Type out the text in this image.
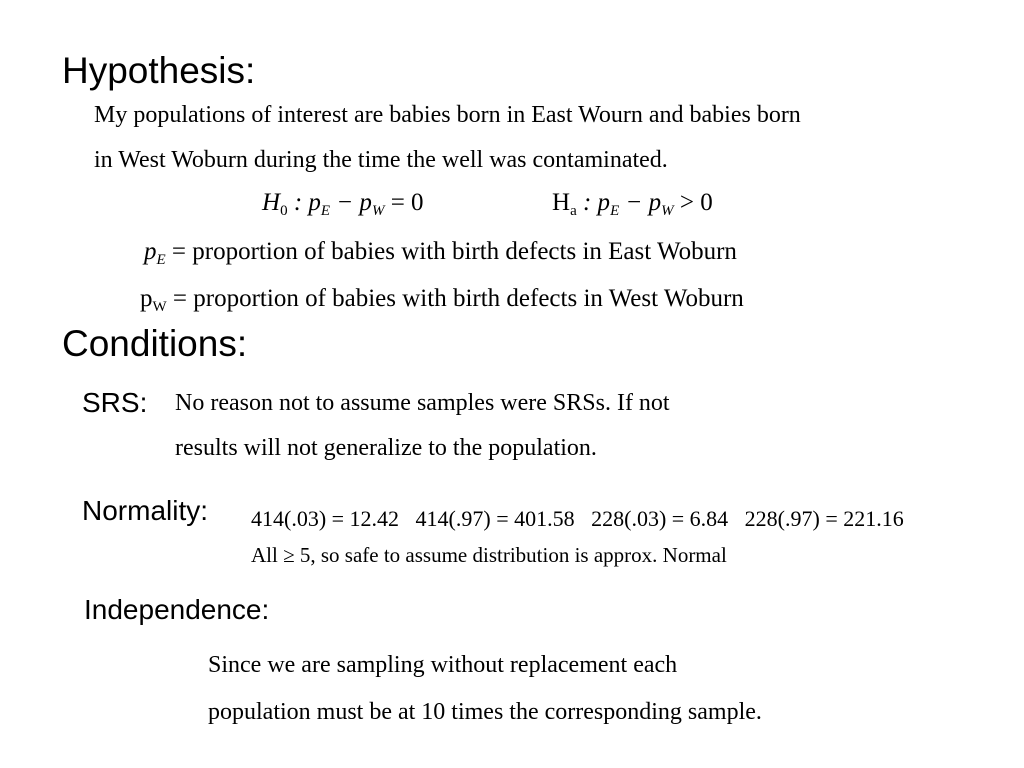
Hypothesis:
My populations of interest are babies born in East Wourn and babies born
in West Woburn during the time the well was contaminated.
$H_0$ : $p_E - p_W = 0$	$H_a$ : $p_E - p_W > 0$
$p_E$ = proportion of babies with birth defects in East Woburn
$p_W$ = proportion of babies with birth defects in West Woburn
Conditions:
SRS: No reason not to assume samples were SRSs. If not
results will not generalize to the population.
Normality: 414(.03) = 12.42   414(.97) = 401.58   228(.03) = 6.84   228(.97) = 221.16
All ≥ 5, so safe to assume distribution is approx. Normal
Independence:
Since we are sampling without replacement each
population must be at 10 times the corresponding sample.
